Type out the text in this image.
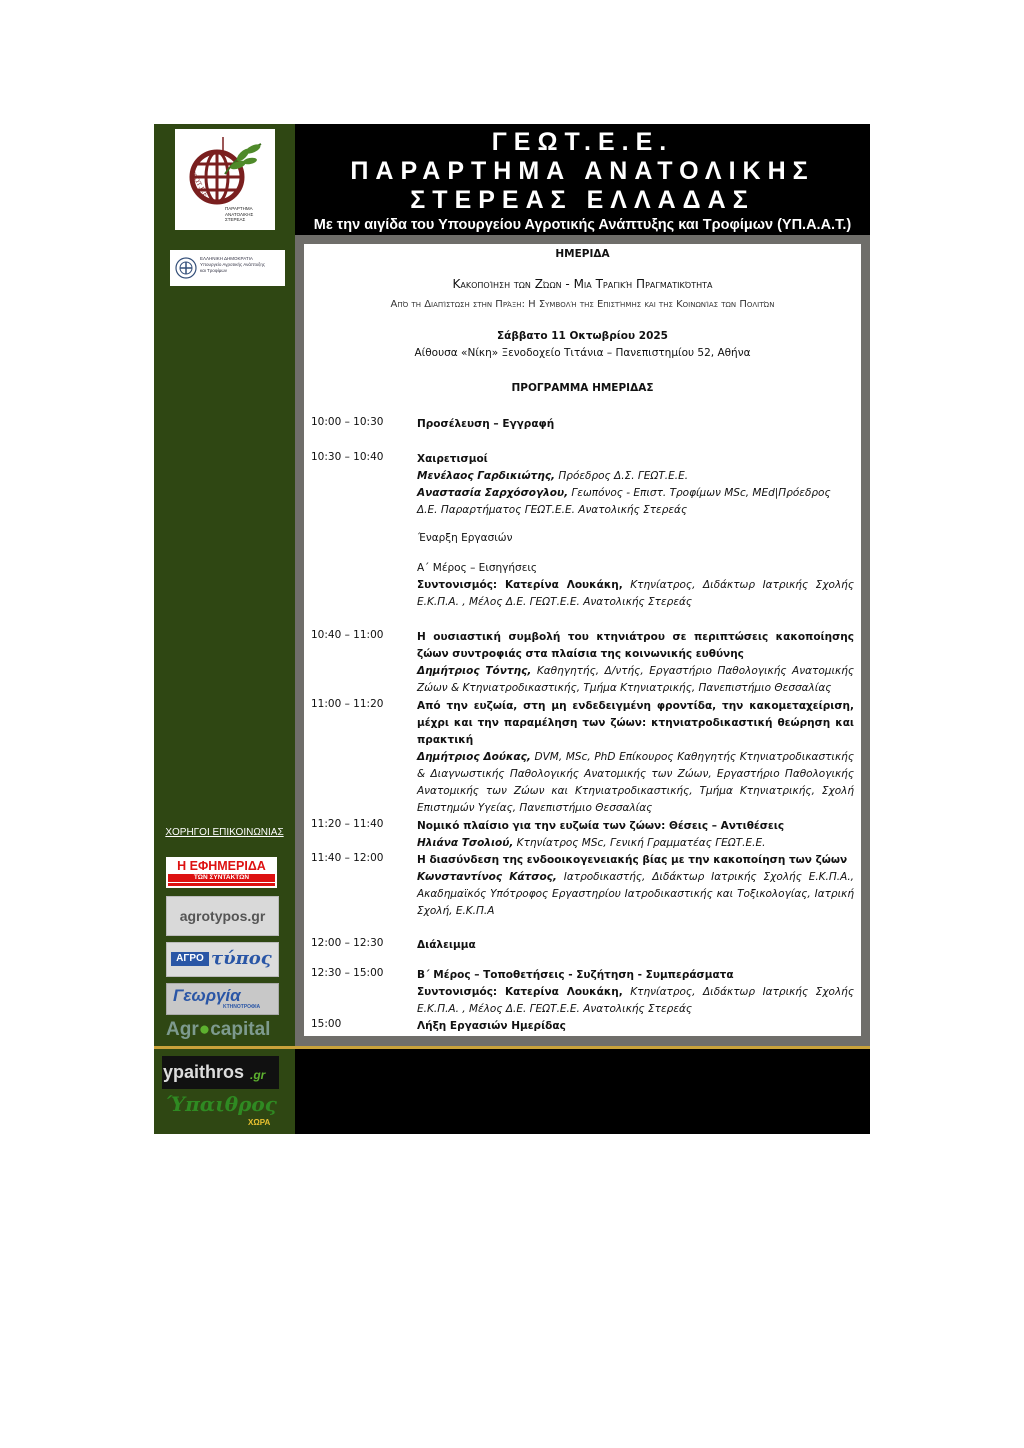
ΓΕΩΤ.Ε.Ε.
ΠΑΡΑΡΤΗΜΑ
ΑΝΑΤΟΛΙΚΗΣ
ΣΤΕΡΕΑΣ
ΕΛΛΗΝΙΚΗ ΔΗΜΟΚΡΑΤΙΑ
Υπουργείο Αγροτικής Ανάπτυξης
και Τροφίμων
ΧΟΡΗΓΟΙ ΕΠΙΚΟΙΝΩΝΙΑΣ
Η ΕΦΗΜΕΡΙΔΑ
ΤΩΝ ΣΥΝΤΑΚΤΩΝ
agrotypos.gr
ΑΓΡΟ τύπος
Γεωργία
ΚΤΗΝΟΤΡΟΦΙΑ
Agr●capital
ypaithros .gr
Ύπαιθρος
ΧΩΡΑ
ΓΕΩΤ.Ε.Ε.
ΠΑΡΑΡΤΗΜΑ ΑΝΑΤΟΛΙΚΗΣ
ΣΤΕΡΕΑΣ ΕΛΛΑΔΑΣ
Με την αιγίδα του Υπουργείου Αγροτικής Ανάπτυξης και Τροφίμων (ΥΠ.Α.Α.Τ.)
ΗΜΕΡΙΔΑ
Κακοποίηση των Ζώων - Μια Τραγική Πραγματικότητα
Από τη Διαπίστωση στην Πράξη: Η Συμβολή της Επιστήμης και της Κοινωνίας των Πολιτών
Σάββατο 11 Οκτωβρίου 2025
Αίθουσα «Νίκη» Ξενοδοχείο Τιτάνια – Πανεπιστημίου 52, Αθήνα
ΠΡΟΓΡΑΜΜΑ ΗΜΕΡΙΔΑΣ
10:00 – 10:30	Προσέλευση – Εγγραφή
10:30 – 10:40	Χαιρετισμοί
Μενέλαος Γαρδικιώτης, Πρόεδρος Δ.Σ. ΓΕΩΤ.Ε.Ε.
Αναστασία Σαρχόσογλου, Γεωπόνος - Επιστ. Τροφίμων MSc, MEd|Πρόεδρος
Δ.Ε. Παραρτήματος ΓΕΩΤ.Ε.Ε. Ανατολικής Στερεάς
Έναρξη Εργασιών
Α΄ Μέρος – Εισηγήσεις
Συντονισμός: Κατερίνα Λουκάκη, Κτηνίατρος, Διδάκτωρ Ιατρικής Σχολής
Ε.Κ.Π.Α. , Μέλος Δ.Ε. ΓΕΩΤ.Ε.Ε. Ανατολικής Στερεάς
10:40 – 11:00	Η ουσιαστική συμβολή του κτηνιάτρου σε περιπτώσεις κακοποίησης ζώων συντροφιάς στα πλαίσια της κοινωνικής ευθύνης
Δημήτριος Τόντης, Καθηγητής, Δ/ντής, Εργαστήριο Παθολογικής Ανατομικής Ζώων & Κτηνιατροδικαστικής, Τμήμα Κτηνιατρικής, Πανεπιστήμιο Θεσσαλίας
11:00 – 11:20	Από την ευζωία, στη μη ενδεδειγμένη φροντίδα, την κακομεταχείριση, μέχρι και την παραμέληση των ζώων: κτηνιατροδικαστική θεώρηση και πρακτική
Δημήτριος Δούκας, DVM, MSc, PhD Επίκουρος Καθηγητής Κτηνιατροδικαστικής & Διαγνωστικής Παθολογικής Ανατομικής των Ζώων, Εργαστήριο Παθολογικής Ανατομικής των Ζώων και Κτηνιατροδικαστικής, Τμήμα Κτηνιατρικής, Σχολή Επιστημών Υγείας, Πανεπιστήμιο Θεσσαλίας
11:20 – 11:40	Νομικό πλαίσιο για την ευζωία των ζώων: Θέσεις – Αντιθέσεις
Ηλιάνα Τσολιού, Κτηνίατρος MSc, Γενική Γραμματέας ΓΕΩΤ.Ε.Ε.
11:40 – 12:00	Η διασύνδεση της ενδοοικογενειακής βίας με την κακοποίηση των ζώων
Κωνσταντίνος Κάτσος, Ιατροδικαστής, Διδάκτωρ Ιατρικής Σχολής Ε.Κ.Π.Α., Ακαδημαϊκός Υπότροφος Εργαστηρίου Ιατροδικαστικής και Τοξικολογίας, Ιατρική Σχολή, Ε.Κ.Π.Α
12:00 – 12:30	Διάλειμμα
12:30 – 15:00	Β΄ Μέρος – Τοποθετήσεις - Συζήτηση - Συμπεράσματα
Συντονισμός: Κατερίνα Λουκάκη, Κτηνίατρος, Διδάκτωρ Ιατρικής Σχολής
Ε.Κ.Π.Α. , Μέλος Δ.Ε. ΓΕΩΤ.Ε.Ε. Ανατολικής Στερεάς
15:00	Λήξη Εργασιών Ημερίδας
